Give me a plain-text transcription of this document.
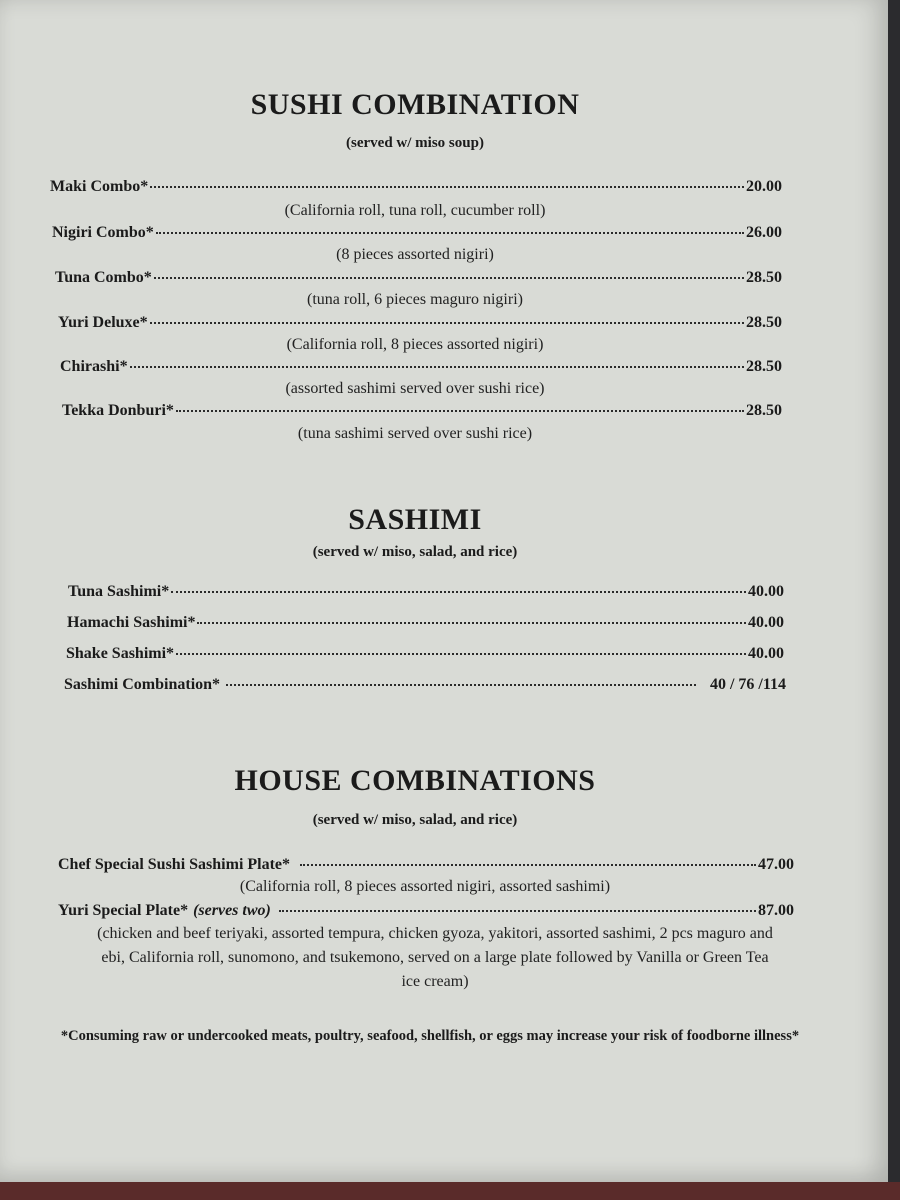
SUSHI COMBINATION
(served w/ miso soup)
Maki Combo*	20.00
(California roll, tuna roll, cucumber roll)
Nigiri Combo*	26.00
(8 pieces assorted nigiri)
Tuna Combo*	28.50
(tuna roll, 6 pieces maguro nigiri)
Yuri Deluxe*	28.50
(California roll, 8 pieces assorted nigiri)
Chirashi*	28.50
(assorted sashimi served over sushi rice)
Tekka Donburi*	28.50
(tuna sashimi served over sushi rice)
SASHIMI
(served w/ miso, salad, and rice)
Tuna Sashimi*	40.00
Hamachi Sashimi*	40.00
Shake Sashimi*	40.00
Sashimi Combination*	40 / 76 /114
HOUSE COMBINATIONS
(served w/ miso, salad, and rice)
Chef Special Sushi Sashimi Plate*	47.00
(California roll, 8 pieces assorted nigiri, assorted sashimi)
Yuri Special Plate* (serves two)	87.00
(chicken and beef teriyaki, assorted tempura, chicken gyoza, yakitori, assorted sashimi, 2 pcs maguro and ebi, California roll, sunomono, and tsukemono, served on a large plate followed by Vanilla or Green Tea ice cream)
*Consuming raw or undercooked meats, poultry, seafood, shellfish, or eggs may increase your risk of foodborne illness*
